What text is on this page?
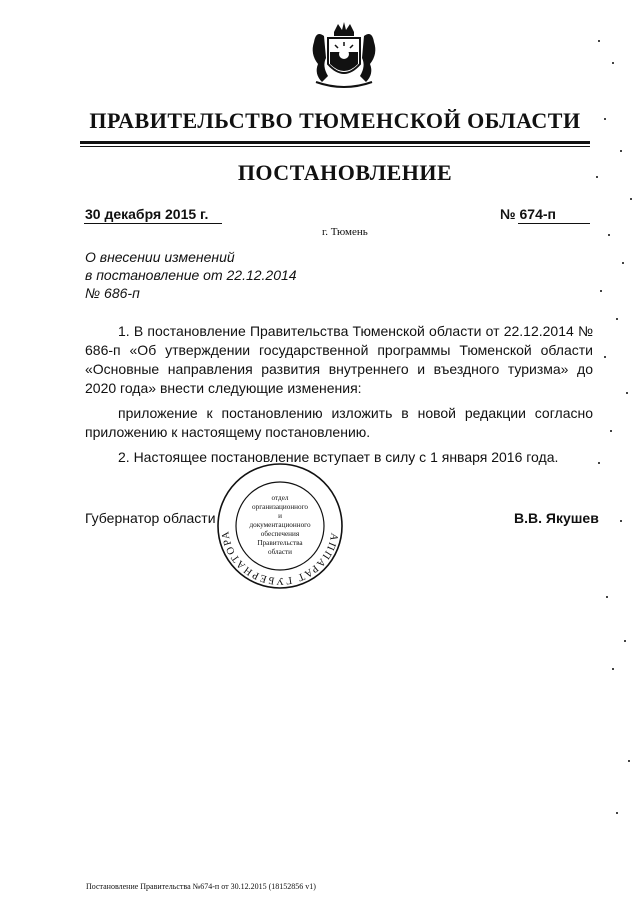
ПРАВИТЕЛЬСТВО ТЮМЕНСКОЙ ОБЛАСТИ
ПОСТАНОВЛЕНИЕ
30 декабря 2015 г.	№ 674-п
г. Тюмень
О внесении изменений
в постановление от 22.12.2014
№ 686-п

1. В постановление Правительства Тюменской области от 22.12.2014 № 686-п «Об утверждении государственной программы Тюменской области «Основные направления развития внутреннего и въездного туризма» до 2020 года» внести следующие изменения:

приложение к постановлению изложить в новой редакции согласно приложению к настоящему постановлению.

2. Настоящее постановление вступает в силу с 1 января 2016 года.

Губернатор области	В.В. Якушев
АППАРАТ ГУБЕРНАТОРА
отдел
организационного
и
документационного
обеспечения
Правительства
области
Постановление Правительства №674-п от 30.12.2015 (18152856 v1)
